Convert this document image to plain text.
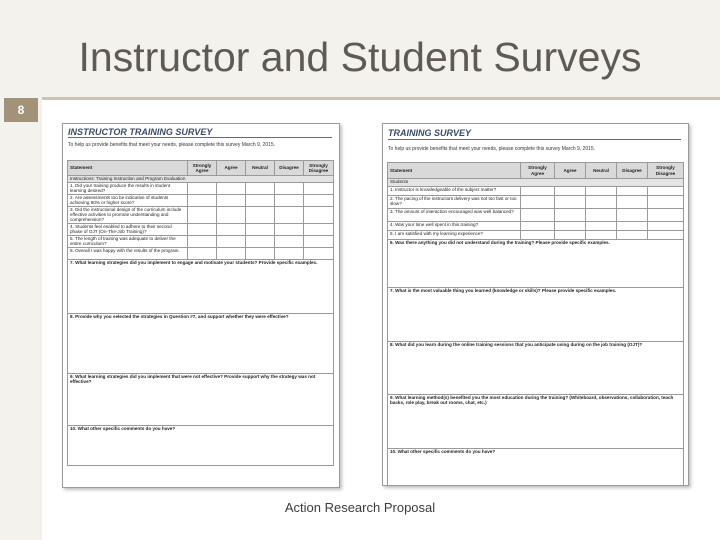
Instructor and Student Surveys
8
INSTRUCTOR TRAINING SURVEY
To help us provide benefits that meet your needs, please complete this survey March 9, 2015.
Statement	Strongly Agree	Agree	Neutral	Disagree	Strongly Disagree
Instructions: Training Instruction and Program Evaluation					
1. Did your training produce the results in student learning desired?					
2. Are assessments too be indicative of students achieving 80% or higher score?					
3. Did the instructional design of the curriculum include effective activities to promote understanding and comprehension?					
4. Students feel enabled to adhere to their second phase of OJT (On-The-Job Training)?					
5. The length of training was adequate to deliver the entire curriculum?					
6. Overall I was happy with the results of the program.					
7. What learning strategies did you implement to engage and motivate your students? Provide specific examples.					
8. Provide why you selected the strategies in Question #7, and support whether they were effective?					
9. What learning strategies did you implement that were not effective? Provide support why the strategy was not effective?					
10. What other specific comments do you have?					
TRAINING SURVEY
To help us provide benefits that meet your needs, please complete this survey March 9, 2015.
Statement	Strongly Agree	Agree	Neutral	Disagree	Strongly Disagree
Students					
1. Instructor is knowledgeable of the subject matter?					
2. The pacing of the instructors delivery was not too fast or too slow?					
3. The amount of interaction encouraged was well balanced?					
4. Was your time well spent in this training?					
5. I am satisfied with my learning experience?					
6. Was there anything you did not understand during the training? Please provide specific examples.					
7. What is the most valuable thing you learned (knowledge or skills)? Please provide specific examples.					
8. What did you learn during the online training sessions that you anticipate using during on the job training (OJT)?					
9. What learning method(s) benefited you the most education during the training? (Whiteboard, observations, collaboration, teach backs, role play, break out rooms, chat, etc.)					
10. What other specific comments do you have?					
Action Research Proposal
